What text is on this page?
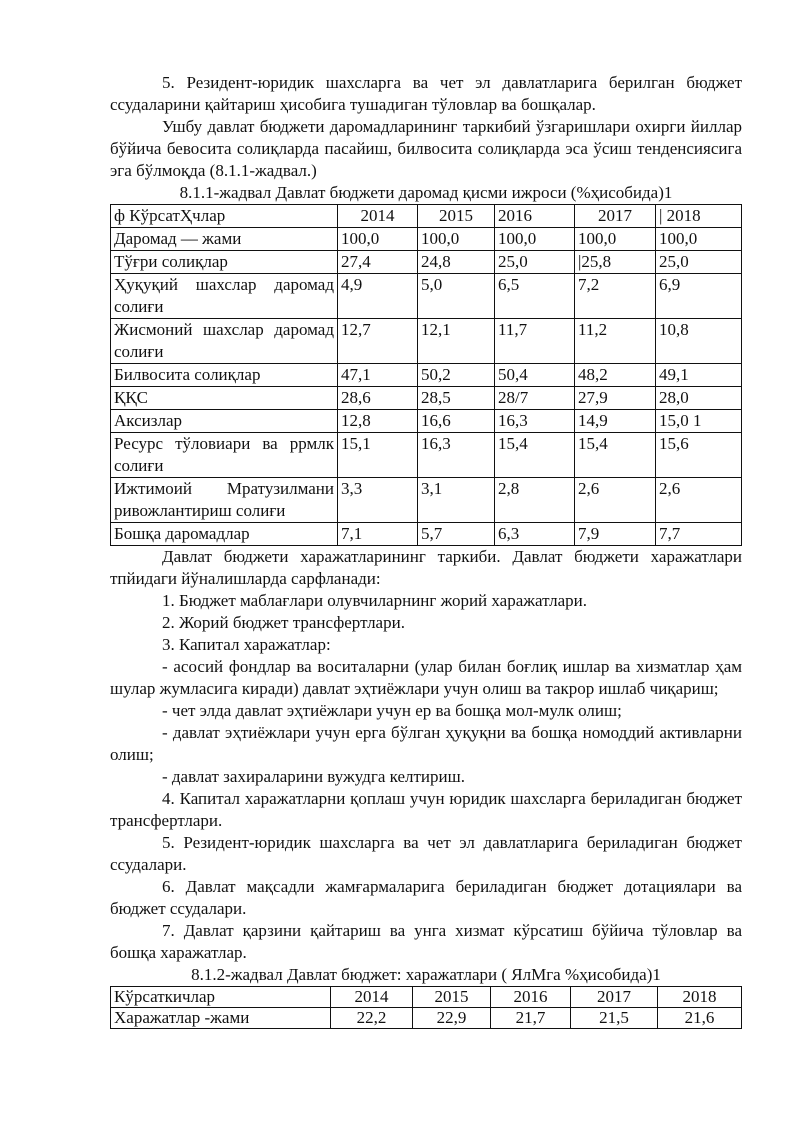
5. Резидент-юридик шахсларга ва чет эл давлатларига берилган бюджет ссудаларини қайтариш ҳисобига тушадиган тўловлар ва бошқалар.

Ушбу давлат бюджети даромадларининг таркибий ўзгаришлари охирги йиллар бўйича бевосита солиқларда пасайиш, билвосита солиқларда эса ўсиш тенденсиясига эга бўлмоқда (8.1.1-жадвал.)

8.1.1-жадвал Давлат бюджети даромад қисми ижроси (%ҳисобида)1
ф КўрсатҲчлар	2014	2015	2016	2017	| 2018
Даромад — жами	100,0	100,0	100,0	100,0	100,0
Тўғри солиқлар	27,4	24,8	25,0	|25,8	25,0
Ҳуқуқий шахслар даромад солиғи	4,9	5,0	6,5	7,2	6,9
Жисмоний шахслар даромад солиғи	12,7	12,1	11,7	11,2	10,8
Билвосита солиқлар	47,1	50,2	50,4	48,2	49,1
ҚҚС	28,6	28,5	28/7	27,9	28,0
Аксизлар	12,8	16,6	16,3	14,9	15,0 1
Ресурс тўловиари ва ррмлк солиғи	15,1	16,3	15,4	15,4	15,6
Ижтимоий Мратузилмани ривожлантириш солиғи	3,3	3,1	2,8	2,6	2,6
Бошқа даромадлар	7,1	5,7	6,3	7,9	7,7

Давлат бюджети харажатларининг таркиби. Давлат бюджети харажатлари тпйидаги йўналишларда сарфланади:

1. Бюджет маблағлари олувчиларнинг жорий харажатлари.

2. Жорий бюджет трансфертлари.

3. Капитал харажатлар:

- асосий фондлар ва воситаларни (улар билан боғлиқ ишлар ва хизматлар ҳам шулар жумласига киради) давлат эҳтиёжлари учун олиш ва такрор ишлаб чиқариш;

- чет элда давлат эҳтиёжлари учун ер ва бошқа мол-мулк олиш;

- давлат эҳтиёжлари учун ерга бўлган ҳуқуқни ва бошқа номоддий активларни олиш;

- давлат захираларини вужудга келтириш.

4. Капитал харажатларни қоплаш учун юридик шахсларга бериладиган бюджет трансфертлари.

5. Резидент-юридик шахсларга ва чет эл давлатларига бериладиган бюджет ссудалари.

6. Давлат мақсадли жамғармаларига бериладиган бюджет дотациялари ва бюджет ссудалари.

7. Давлат қарзини қайтариш ва унга хизмат кўрсатиш бўйича тўловлар ва бошқа харажатлар.

8.1.2-жадвал Давлат бюджет: харажатлари ( ЯлМга %ҳисобида)1
Кўрсаткичлар	2014	2015	2016	2017	2018
Харажатлар -жами	22,2	22,9	21,7	21,5	21,6
